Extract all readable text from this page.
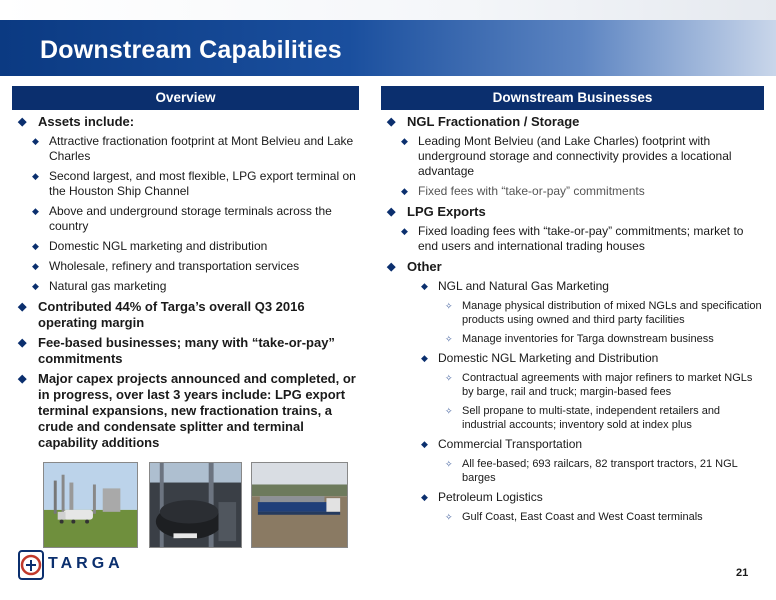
Downstream Capabilities
Overview	Downstream Businesses
◆ Assets include:
◆ Attractive fractionation footprint at Mont Belvieu and Lake Charles
◆ Second largest, and most flexible, LPG export terminal on the Houston Ship Channel
◆ Above and underground storage terminals across the country
◆ Domestic NGL marketing and distribution
◆ Wholesale, refinery and transportation services
◆ Natural gas marketing
◆ Contributed 44% of Targa’s overall Q3 2016 operating margin
◆ Fee-based businesses; many with “take-or-pay” commitments
◆ Major capex projects announced and completed, or in progress, over last 3 years include: LPG export terminal expansions, new fractionation trains, a crude and condensate splitter and terminal capability additions
◆ NGL Fractionation / Storage
◆ Leading Mont Belvieu (and Lake Charles) footprint with underground storage and connectivity provides a locational advantage
◆ Fixed fees with “take-or-pay” commitments
◆ LPG Exports
◆ Fixed loading fees with “take-or-pay” commitments; market to end users and international trading houses
◆ Other
◆ NGL and Natural Gas Marketing
✧ Manage physical distribution of mixed NGLs and specification products using owned and third party facilities
✧ Manage inventories for Targa downstream business
◆ Domestic NGL Marketing and Distribution
✧ Contractual agreements with major refiners to market NGLs by barge, rail and truck; margin-based fees
✧ Sell propane to multi-state, independent retailers and industrial accounts; inventory sold at index plus
◆ Commercial Transportation
✧ All fee-based; 693 railcars, 82 transport tractors, 21 NGL barges
◆ Petroleum Logistics
✧ Gulf Coast, East Coast and West Coast terminals
TARGA
21
